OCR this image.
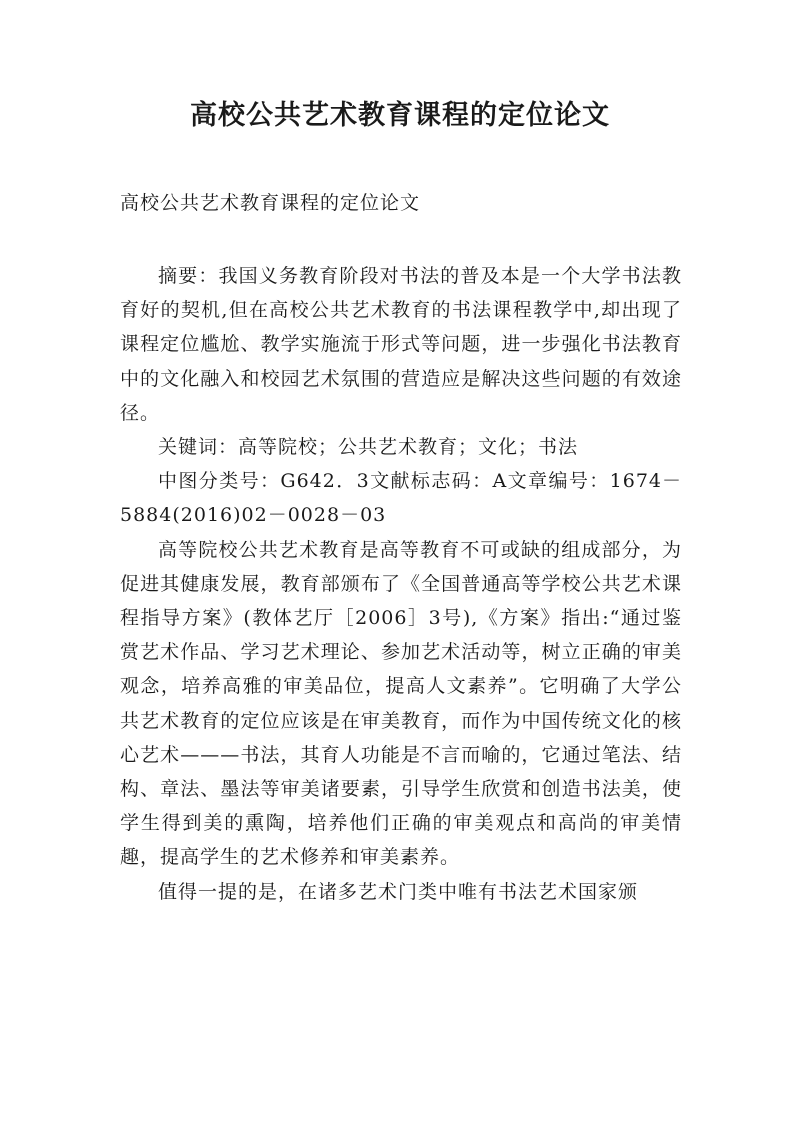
高校公共艺术教育课程的定位论文
高校公共艺术教育课程的定位论文

摘要：我国义务教育阶段对书法的普及本是一个大学书法教育好的契机,但在高校公共艺术教育的书法课程教学中,却出现了课程定位尴尬、教学实施流于形式等问题，进一步强化书法教育中的文化融入和校园艺术氛围的营造应是解决这些问题的有效途径。

关键词：高等院校；公共艺术教育；文化；书法

中图分类号：G642．3文献标志码：A文章编号：1674－5884(2016)02－0028－03

高等院校公共艺术教育是高等教育不可或缺的组成部分，为促进其健康发展，教育部颁布了《全国普通高等学校公共艺术课程指导方案》(教体艺厅［2006］3号),《方案》指出:“通过鉴赏艺术作品、学习艺术理论、参加艺术活动等，树立正确的审美观念，培养高雅的审美品位，提高人文素养”。它明确了大学公共艺术教育的定位应该是在审美教育，而作为中国传统文化的核心艺术———书法，其育人功能是不言而喻的，它通过笔法、结构、章法、墨法等审美诸要素，引导学生欣赏和创造书法美，使学生得到美的熏陶，培养他们正确的审美观点和高尚的审美情趣，提高学生的艺术修养和审美素养。

值得一提的是，在诸多艺术门类中唯有书法艺术国家颁
